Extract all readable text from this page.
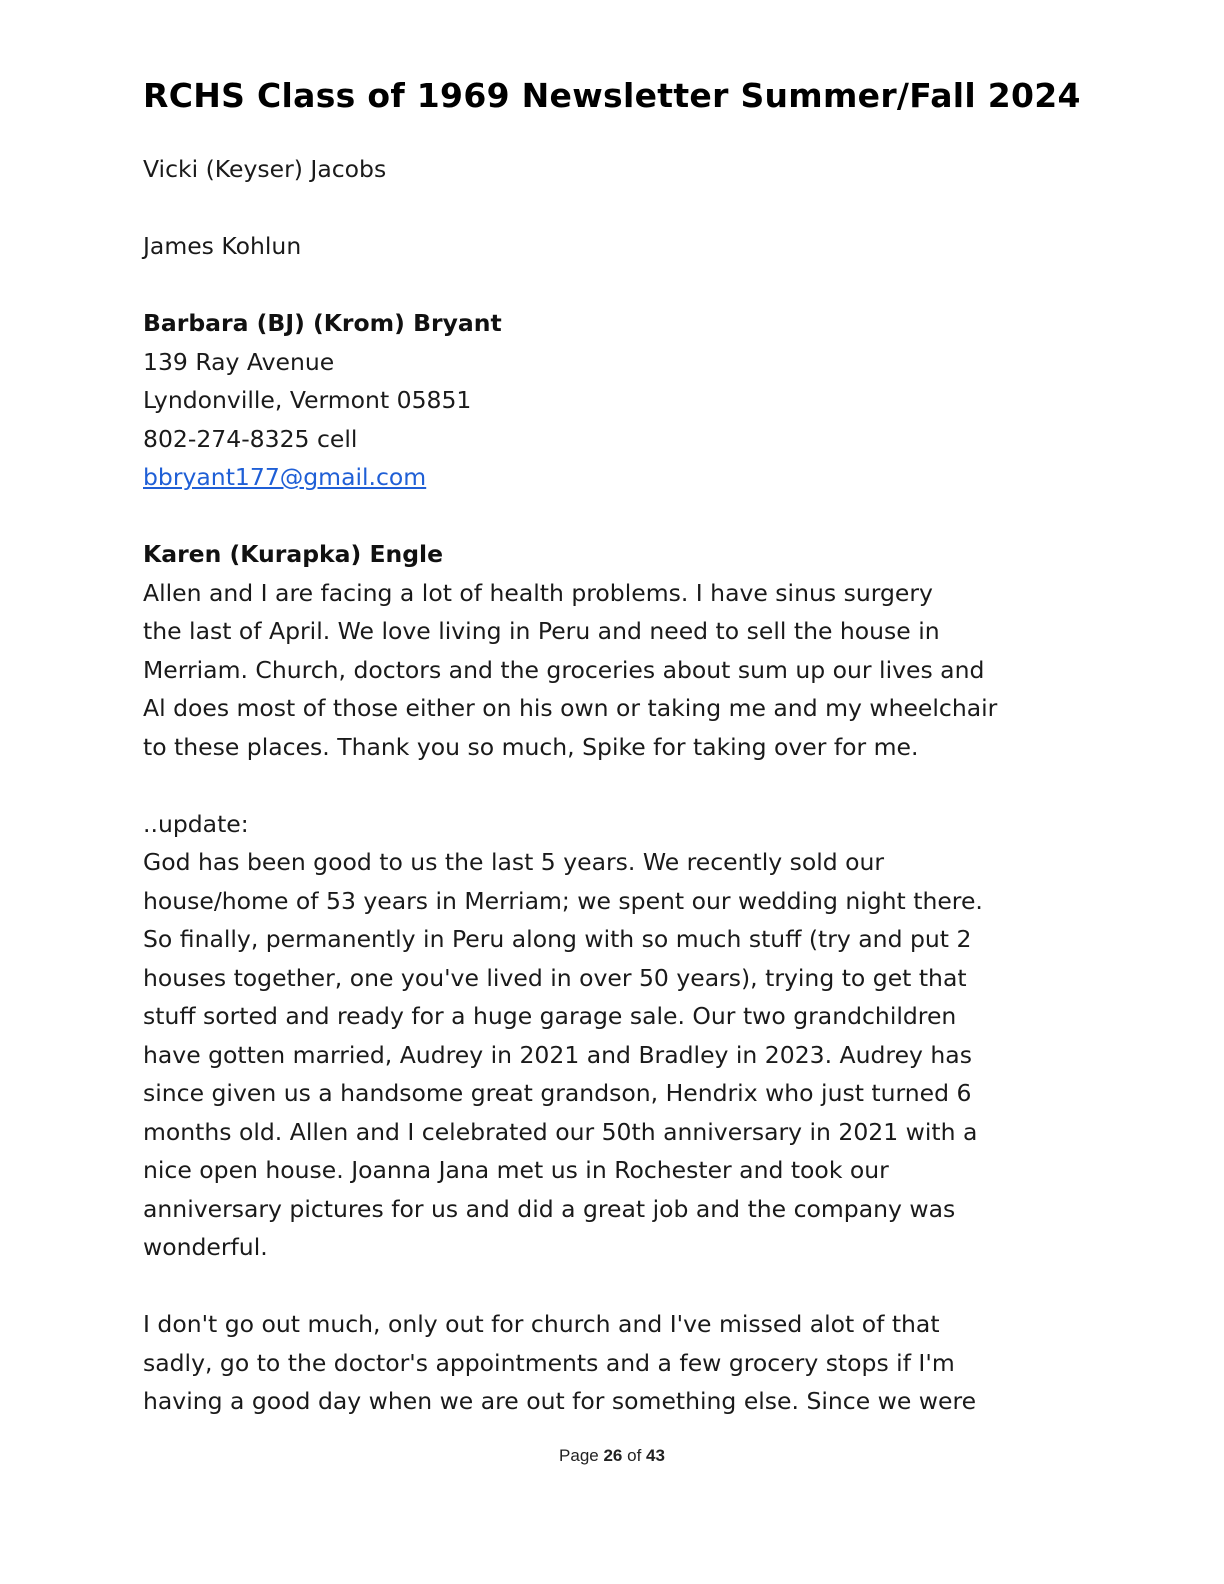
RCHS Class of 1969 Newsletter Summer/Fall 2024

Vicki (Keyser) Jacobs

James Kohlun

Barbara (BJ) (Krom) Bryant

139 Ray Avenue

Lyndonville, Vermont 05851

802-274-8325 cell

bbryant177@gmail.com

Karen (Kurapka) Engle

Allen and I are facing a lot of health problems. I have sinus surgery
the last of April. We love living in Peru and need to sell the house in
Merriam. Church, doctors and the groceries about sum up our lives and
Al does most of those either on his own or taking me and my wheelchair
to these places. Thank you so much, Spike for taking over for me.

..update:

God has been good to us the last 5 years. We recently sold our
house/home of 53 years in Merriam; we spent our wedding night there.
So finally, permanently in Peru along with so much stuff (try and put 2
houses together, one you've lived in over 50 years), trying to get that
stuff sorted and ready for a huge garage sale. Our two grandchildren
have gotten married, Audrey in 2021 and Bradley in 2023. Audrey has
since given us a handsome great grandson, Hendrix who just turned 6
months old. Allen and I celebrated our 50th anniversary in 2021 with a
nice open house. Joanna Jana met us in Rochester and took our
anniversary pictures for us and did a great job and the company was
wonderful.

I don't go out much, only out for church and I've missed alot of that
sadly, go to the doctor's appointments and a few grocery stops if I'm
having a good day when we are out for something else. Since we were

Page 26 of 43
